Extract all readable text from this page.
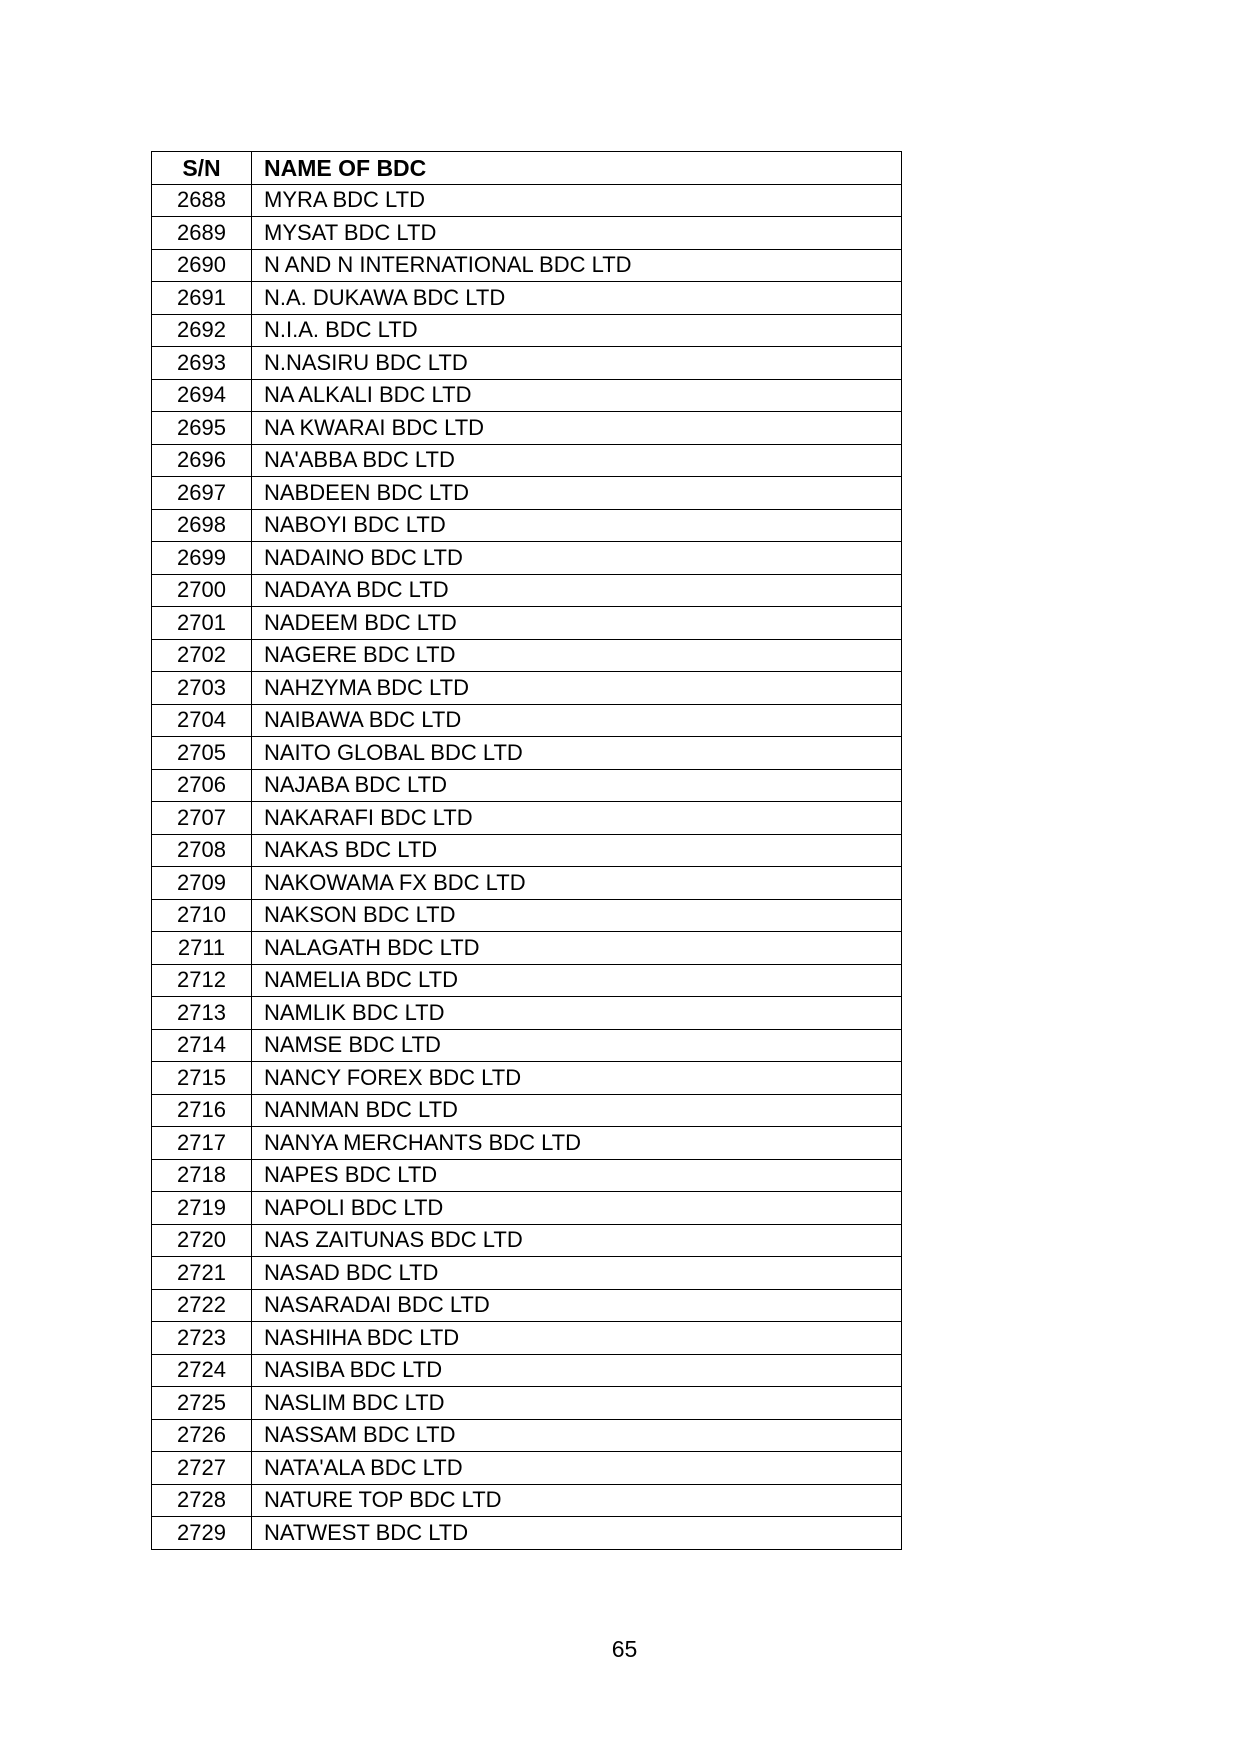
S/N	NAME OF BDC
2688	MYRA BDC LTD
2689	MYSAT BDC LTD
2690	N AND N INTERNATIONAL BDC LTD
2691	N.A. DUKAWA BDC LTD
2692	N.I.A. BDC LTD
2693	N.NASIRU BDC LTD
2694	NA ALKALI BDC LTD
2695	NA KWARAI BDC LTD
2696	NA'ABBA BDC LTD
2697	NABDEEN BDC LTD
2698	NABOYI BDC LTD
2699	NADAINO BDC LTD
2700	NADAYA BDC LTD
2701	NADEEM BDC LTD
2702	NAGERE BDC LTD
2703	NAHZYMA BDC LTD
2704	NAIBAWA BDC LTD
2705	NAITO GLOBAL BDC LTD
2706	NAJABA BDC LTD
2707	NAKARAFI BDC LTD
2708	NAKAS BDC LTD
2709	NAKOWAMA FX BDC LTD
2710	NAKSON BDC LTD
2711	NALAGATH BDC LTD
2712	NAMELIA BDC LTD
2713	NAMLIK BDC LTD
2714	NAMSE BDC LTD
2715	NANCY FOREX BDC LTD
2716	NANMAN BDC LTD
2717	NANYA MERCHANTS BDC LTD
2718	NAPES BDC LTD
2719	NAPOLI BDC LTD
2720	NAS ZAITUNAS BDC LTD
2721	NASAD BDC LTD
2722	NASARADAI BDC LTD
2723	NASHIHA BDC LTD
2724	NASIBA BDC LTD
2725	NASLIM BDC LTD
2726	NASSAM BDC LTD
2727	NATA'ALA BDC LTD
2728	NATURE TOP BDC LTD
2729	NATWEST BDC LTD
65
